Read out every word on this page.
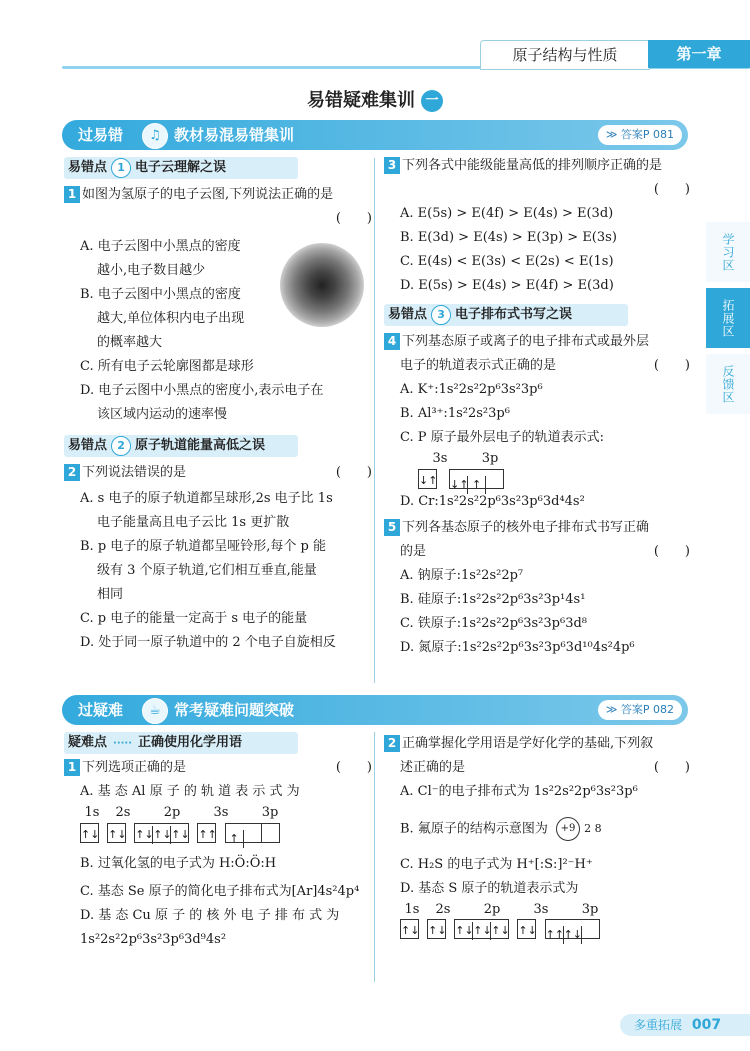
原子结构与性质	第一章
易错疑难集训 一
学习区
拓展区
反馈区
过易错	♫ 教材易混易错集训	≫ 答案P 081
易错点 1 电子云理解之误
1 如图为氢原子的电子云图,下列说法正确的是
(　　)
A. 电子云图中小黑点的密度
越小,电子数目越少
B. 电子云图中小黑点的密度
越大,单位体积内电子出现
的概率越大
C. 所有电子云轮廓图都是球形
D. 电子云图中小黑点的密度小,表示电子在
该区域内运动的速率慢
易错点 2 原子轨道能量高低之误
2 下列说法错误的是	(　　)
A. s 电子的原子轨道都呈球形,2s 电子比 1s
电子能量高且电子云比 1s 更扩散
B. p 电子的原子轨道都呈哑铃形,每个 p 能
级有 3 个原子轨道,它们相互垂直,能量
相同
C. p 电子的能量一定高于 s 电子的能量
D. 处于同一原子轨道中的 2 个电子自旋相反
3 下列各式中能级能量高低的排列顺序正确的是
(　　)
A. E(5s) > E(4f) > E(4s) > E(3d)
B. E(3d) > E(4s) > E(3p) > E(3s)
C. E(4s) < E(3s) < E(2s) < E(1s)
D. E(5s) > E(4s) > E(4f) > E(3d)
易错点 3 电子排布式书写之误
4 下列基态原子或离子的电子排布式或最外层
电子的轨道表示式正确的是	(　　)
A. K⁺:1s²2s²2p⁶3s²3p⁶
B. Al³⁺:1s²2s²3p⁶
C. P 原子最外层电子的轨道表示式:
3s	3p
↓↑ ↓↑ ↑
D. Cr:1s²2s²2p⁶3s²3p⁶3d⁴4s²
5 下列各基态原子的核外电子排布式书写正确
的是	(　　)
A. 钠原子:1s²2s²2p⁷
B. 硅原子:1s²2s²2p⁶3s²3p¹4s¹
C. 铁原子:1s²2s²2p⁶3s²3p⁶3d⁸
D. 氮原子:1s²2s²2p⁶3s²3p⁶3d¹⁰4s²4p⁶
过疑难	☕ 常考疑难问题突破	≫ 答案P 082
疑难点 ····· 正确使用化学用语
1 下列选项正确的是	(　　)
A. 基 态 Al 原 子 的 轨 道 表 示 式 为
1s 2s	2p	3s	3p
↑↓ ↑↓ ↑↓↑↓↑↓ ↑↑ ↑
B. 过氧化氢的电子式为 H:Ö:Ö:H
C. 基态 Se 原子的简化电子排布式为[Ar]4s²4p⁴
D. 基 态 Cu 原 子 的 核 外 电 子 排 布 式 为
1s²2s²2p⁶3s²3p⁶3d⁹4s²
2 正确掌握化学用语是学好化学的基础,下列叙
述正确的是	(　　)
A. Cl⁻的电子排布式为 1s²2s²2p⁶3s²3p⁶
B. 氟原子的结构示意图为 +9 2 8
C. H₂S 的电子式为 H⁺[:S:]²⁻H⁺
D. 基态 S 原子的轨道表示式为
1s 2s	2p	3s	3p
↑↓ ↑↓ ↑↓↑↓↑↓ ↑↓ ↑↑↑↓
多重拓展 007
